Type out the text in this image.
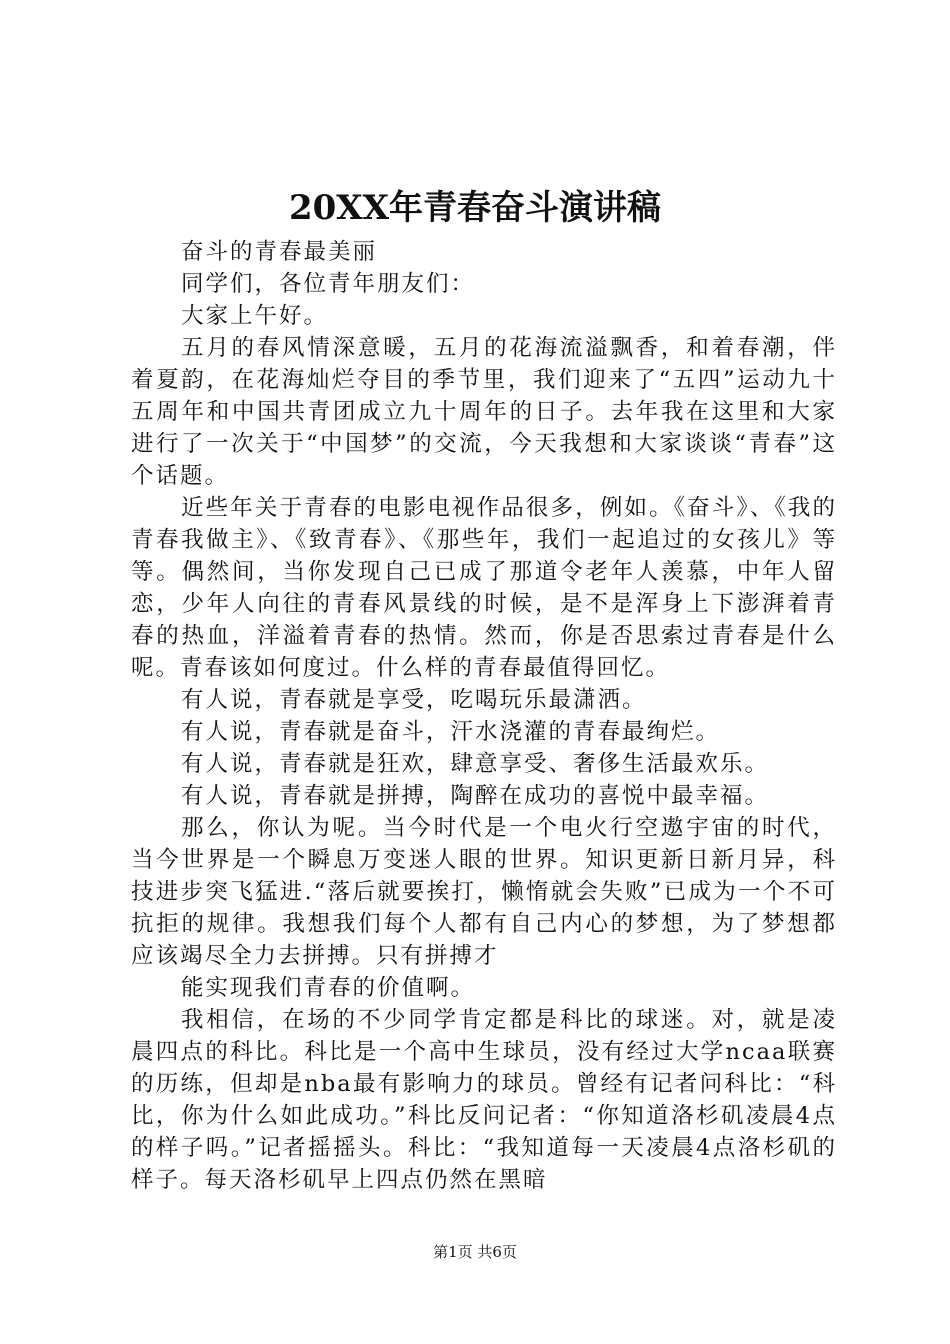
20XX年青春奋斗演讲稿

奋斗的青春最美丽

同学们，各位青年朋友们：

大家上午好。

五月的春风情深意暖，五月的花海流溢飘香，和着春潮，伴着夏韵，在花海灿烂夺目的季节里，我们迎来了“五四”运动九十五周年和中国共青团成立九十周年的日子。去年我在这里和大家进行了一次关于“中国梦”的交流，今天我想和大家谈谈“青春”这个话题。

近些年关于青春的电影电视作品很多，例如。《奋斗》、《我的青春我做主》、《致青春》、《那些年，我们一起追过的女孩儿》等等。偶然间，当你发现自己已成了那道令老年人羡慕，中年人留恋，少年人向往的青春风景线的时候，是不是浑身上下澎湃着青春的热血，洋溢着青春的热情。然而，你是否思索过青春是什么呢。青春该如何度过。什么样的青春最值得回忆。

有人说，青春就是享受，吃喝玩乐最潇洒。

有人说，青春就是奋斗，汗水浇灌的青春最绚烂。

有人说，青春就是狂欢，肆意享受、奢侈生活最欢乐。

有人说，青春就是拼搏，陶醉在成功的喜悦中最幸福。

那么，你认为呢。当今时代是一个电火行空遨宇宙的时代，当今世界是一个瞬息万变迷人眼的世界。知识更新日新月异，科技进步突飞猛进.“落后就要挨打，懒惰就会失败”已成为一个不可抗拒的规律。我想我们每个人都有自己内心的梦想，为了梦想都应该竭尽全力去拼搏。只有拼搏才

能实现我们青春的价值啊。

我相信，在场的不少同学肯定都是科比的球迷。对，就是凌晨四点的科比。科比是一个高中生球员，没有经过大学ncaa联赛的历练，但却是nba最有影响力的球员。曾经有记者问科比：“科比，你为什么如此成功。”科比反问记者：“你知道洛杉矶凌晨4点的样子吗。”记者摇摇头。科比：“我知道每一天凌晨4点洛杉矶的样子。每天洛杉矶早上四点仍然在黑暗

第1页 共6页
